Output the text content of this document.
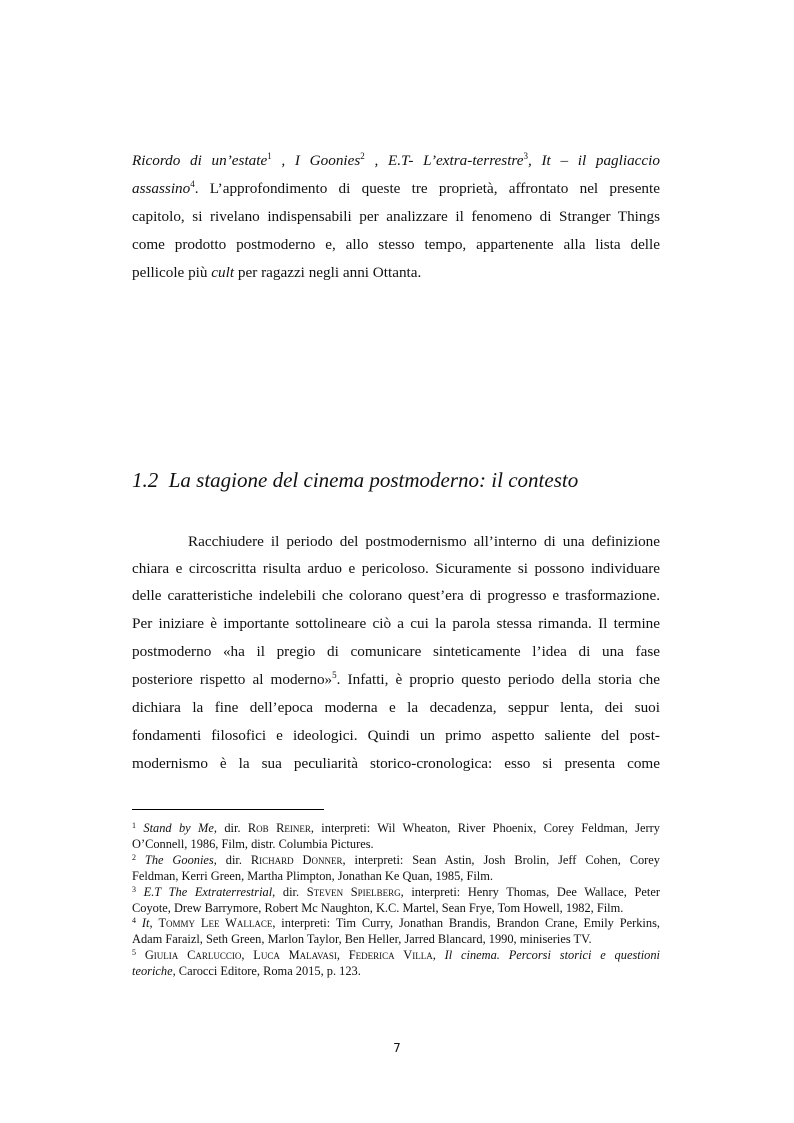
Ricordo di un’estate$^1$ , I Goonies$^2$ , E.T- L’extra-terrestre$^3$, It – il pagliaccio
assassino$^4$. L’approfondimento di queste tre proprietà, affrontato nel presente
capitolo, si rivelano indispensabili per analizzare il fenomeno di Stranger Things
come prodotto postmoderno e, allo stesso tempo, appartenente alla lista delle
pellicole più cult per ragazzi negli anni Ottanta.
1.2 La stagione del cinema postmoderno: il contesto
Racchiudere il periodo del postmodernismo all’interno di una definizione
chiara e circoscritta risulta arduo e pericoloso. Sicuramente si possono individuare
delle caratteristiche indelebili che colorano quest’era di progresso e trasformazione.
Per iniziare è importante sottolineare ciò a cui la parola stessa rimanda. Il termine
postmoderno «ha il pregio di comunicare sinteticamente l’idea di una fase
posteriore rispetto al moderno»$^5$. Infatti, è proprio questo periodo della storia che
dichiara la fine dell’epoca moderna e la decadenza, seppur lenta, dei suoi
fondamenti filosofici e ideologici. Quindi un primo aspetto saliente del post-
modernismo è la sua peculiarità storico-cronologica: esso si presenta come
$^1$ Stand by Me, dir. Rob Reiner, interpreti: Wil Wheaton, River Phoenix, Corey Feldman, Jerry
O’Connell, 1986, Film, distr. Columbia Pictures.
$^2$ The Goonies, dir. Richard Donner, interpreti: Sean Astin, Josh Brolin, Jeff Cohen, Corey
Feldman, Kerri Green, Martha Plimpton, Jonathan Ke Quan, 1985, Film.
$^3$ E.T The Extraterrestrial, dir. Steven Spielberg, interpreti: Henry Thomas, Dee Wallace, Peter
Coyote, Drew Barrymore, Robert Mc Naughton, K.C. Martel, Sean Frye, Tom Howell, 1982, Film.
$^4$ It, Tommy Lee Wallace, interpreti: Tim Curry, Jonathan Brandis, Brandon Crane, Emily Perkins,
Adam Faraizl, Seth Green, Marlon Taylor, Ben Heller, Jarred Blancard, 1990, miniseries TV.
$^5$ Giulia Carluccio, Luca Malavasi, Federica Villa, Il cinema. Percorsi storici e questioni
teoriche, Carocci Editore, Roma 2015, p. 123.
7
